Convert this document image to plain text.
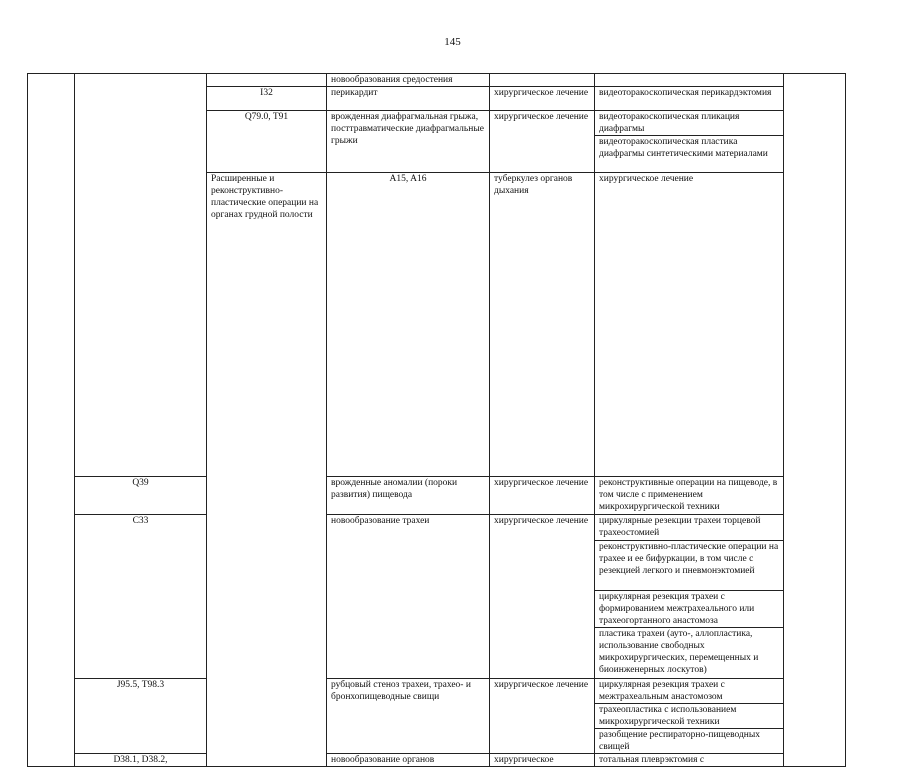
145
			новообразования средостения				
		I32	перикардит	хирургическое лечение	видеоторакоскопическая перикардэктомия		
		Q79.0, T91	врожденная диафрагмальная грыжа, посттравматические диафрагмальные грыжи	хирургическое лечение	видеоторакоскопическая пликация диафрагмы		
					видеоторакоскопическая пластика диафрагмы синтетическими материалами		
		Расширенные и реконструктивно-пластические операции на органах грудной полости	A15, A16	туберкулез органов дыхания	хирургическое лечение	

	Q39		врожденные аномалии (пороки развития) пищевода	хирургическое лечение	реконструктивные операции на пищеводе, в том числе с применением микрохирургической техники		
	C33		новообразование трахеи	хирургическое лечение	циркулярные резекции трахеи торцевой трахеостомией		
					реконструктивно-пластические операции на трахее и ее бифуркации, в том числе с резекцией легкого и пневмонэктомией		
					циркулярная резекция трахеи с формированием межтрахеального или трахеогортанного анастомоза		
					пластика трахеи (ауто-, аллопластика, использование свободных микрохирургических, перемещенных и биоинженерных лоскутов)		
	J95.5, T98.3		рубцовый стеноз трахеи, трахео- и бронхопищеводные свищи	хирургическое лечение	циркулярная резекция трахеи с межтрахеальным анастомозом		
					трахеопластика с использованием микрохирургической техники		
					разобщение респираторно-пищеводных свищей		
	D38.1, D38.2,		новообразование органов	хирургическое	тотальная плеврэктомия с		
